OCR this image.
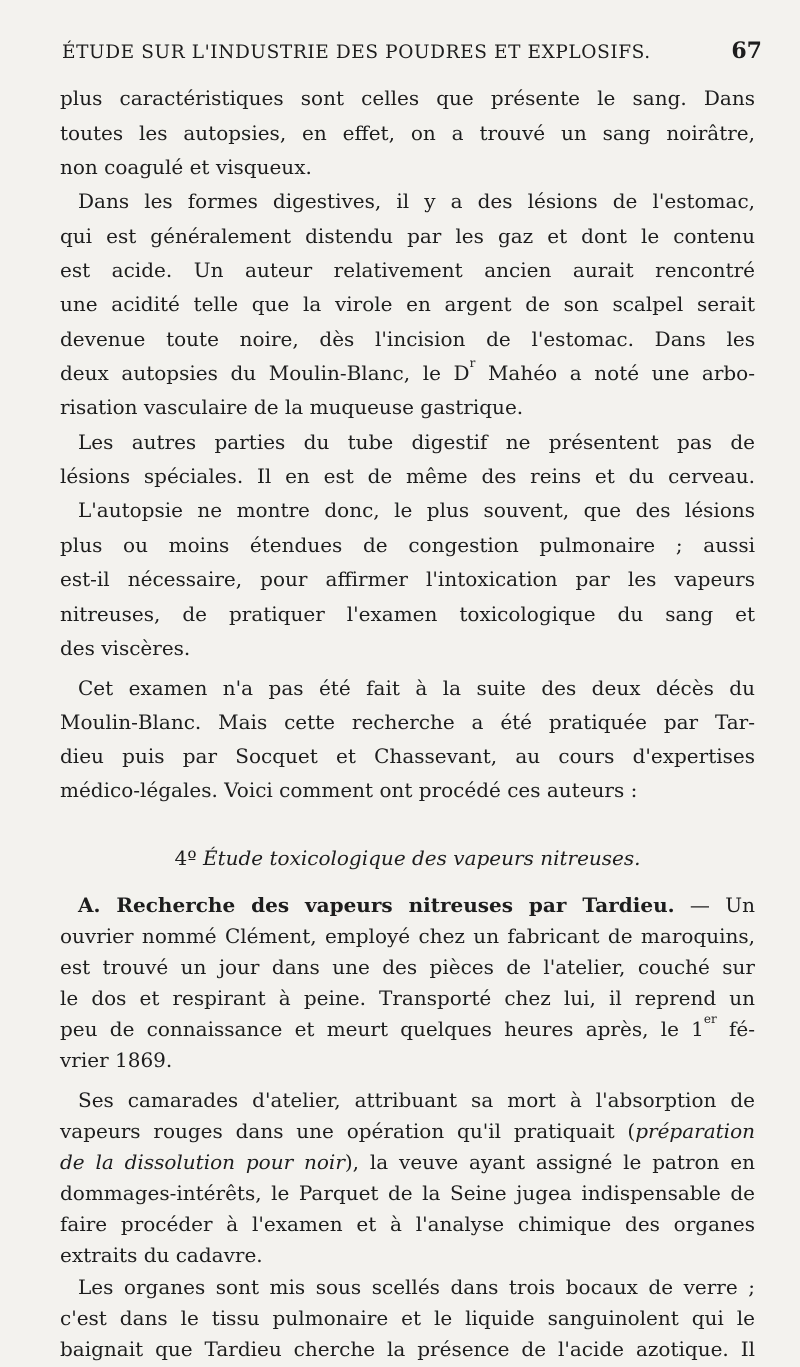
ÉTUDE SUR L'INDUSTRIE DES POUDRES ET EXPLOSIFS.	67
plus caractéristiques sont celles que présente le sang. Dans
toutes les autopsies, en effet, on a trouvé un sang noirâtre,
non coagulé et visqueux.
Dans les formes digestives, il y a des lésions de l'estomac,
qui est généralement distendu par les gaz et dont le contenu
est acide. Un auteur relativement ancien aurait rencontré
une acidité telle que la virole en argent de son scalpel serait
devenue toute noire, dès l'incision de l'estomac. Dans les
deux autopsies du Moulin-Blanc, le $D^r$ Mahéo a noté une arbo-
risation vasculaire de la muqueuse gastrique.
Les autres parties du tube digestif ne présentent pas de
lésions spéciales. Il en est de même des reins et du cerveau.
L'autopsie ne montre donc, le plus souvent, que des lésions
plus ou moins étendues de congestion pulmonaire ; aussi
est-il nécessaire, pour affirmer l'intoxication par les vapeurs
nitreuses, de pratiquer l'examen toxicologique du sang et
des viscères.
Cet examen n'a pas été fait à la suite des deux décès du
Moulin-Blanc. Mais cette recherche a été pratiquée par Tar-
dieu puis par Socquet et Chassevant, au cours d'expertises
médico-légales. Voici comment ont procédé ces auteurs :
4º Étude toxicologique des vapeurs nitreuses.
A. Recherche des vapeurs nitreuses par Tardieu. — Un
ouvrier nommé Clément, employé chez un fabricant de maroquins,
est trouvé un jour dans une des pièces de l'atelier, couché sur
le dos et respirant à peine. Transporté chez lui, il reprend un
peu de connaissance et meurt quelques heures après, le 1er fé-
vrier 1869.
Ses camarades d'atelier, attribuant sa mort à l'absorption de
vapeurs rouges dans une opération qu'il pratiquait (préparation
de la dissolution pour noir), la veuve ayant assigné le patron en
dommages-intérêts, le Parquet de la Seine jugea indispensable de
faire procéder à l'examen et à l'analyse chimique des organes
extraits du cadavre.
Les organes sont mis sous scellés dans trois bocaux de verre ;
c'est dans le tissu pulmonaire et le liquide sanguinolent qui le
baignait que Tardieu cherche la présence de l'acide azotique. Il
